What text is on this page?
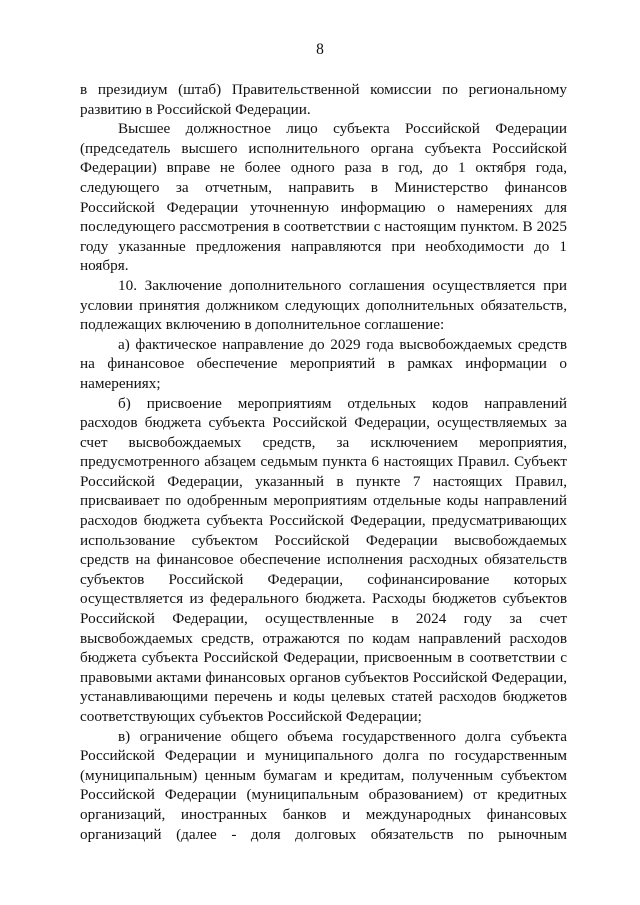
8

в президиум (штаб) Правительственной комиссии по региональному развитию в Российской Федерации.

Высшее должностное лицо субъекта Российской Федерации (председатель высшего исполнительного органа субъекта Российской Федерации) вправе не более одного раза в год, до 1 октября года, следующего за отчетным, направить в Министерство финансов Российской Федерации уточненную информацию о намерениях для последующего рассмотрения в соответствии с настоящим пунктом. В 2025 году указанные предложения направляются при необходимости до 1 ноября.

10. Заключение дополнительного соглашения осуществляется при условии принятия должником следующих дополнительных обязательств, подлежащих включению в дополнительное соглашение:

а) фактическое направление до 2029 года высвобождаемых средств на финансовое обеспечение мероприятий в рамках информации о намерениях;

б) присвоение мероприятиям отдельных кодов направлений расходов бюджета субъекта Российской Федерации, осуществляемых за счет высвобождаемых средств, за исключением мероприятия, предусмотренного абзацем седьмым пункта 6 настоящих Правил. Субъект Российской Федерации, указанный в пункте 7 настоящих Правил, присваивает по одобренным мероприятиям отдельные коды направлений расходов бюджета субъекта Российской Федерации, предусматривающих использование субъектом Российской Федерации высвобождаемых средств на финансовое обеспечение исполнения расходных обязательств субъектов Российской Федерации, софинансирование которых осуществляется из федерального бюджета. Расходы бюджетов субъектов Российской Федерации, осуществленные в 2024 году за счет высвобождаемых средств, отражаются по кодам направлений расходов бюджета субъекта Российской Федерации, присвоенным в соответствии с правовыми актами финансовых органов субъектов Российской Федерации, устанавливающими перечень и коды целевых статей расходов бюджетов соответствующих субъектов Российской Федерации;

в) ограничение общего объема государственного долга субъекта Российской Федерации и муниципального долга по государственным (муниципальным) ценным бумагам и кредитам, полученным субъектом Российской Федерации (муниципальным образованием) от кредитных организаций, иностранных банков и международных финансовых организаций (далее - доля долговых обязательств по рыночным
